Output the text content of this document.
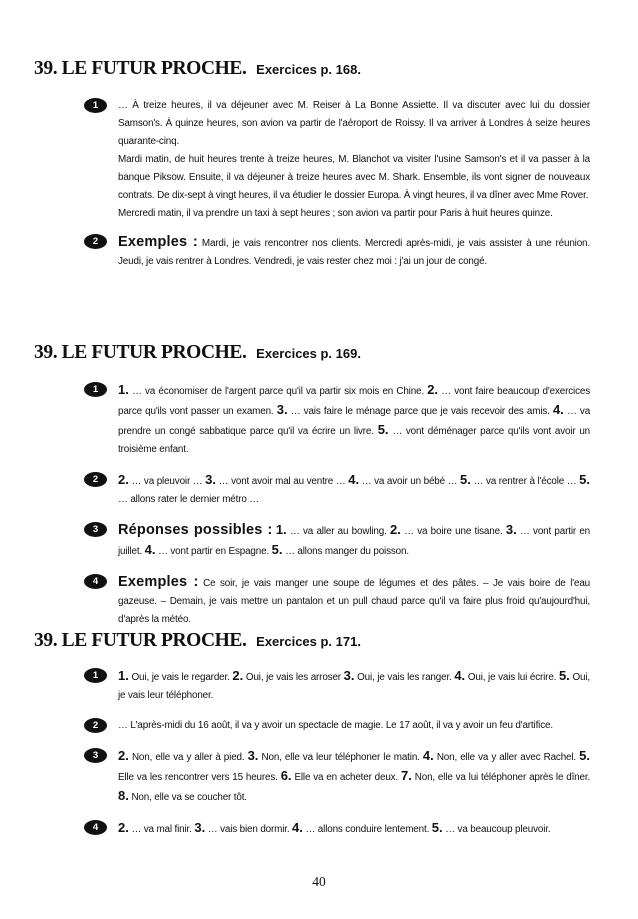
39. LE FUTUR PROCHE. Exercices p. 168.
1	… À treize heures, il va déjeuner avec M. Reiser à La Bonne Assiette. Il va discuter avec lui du dossier Samson's. À quinze heures, son avion va partir de l'aéroport de Roissy. Il va arriver à Londres à seize heures quarante-cinq.

Mardi matin, de huit heures trente à treize heures, M. Blanchot va visiter l'usine Samson's et il va passer à la banque Piksow. Ensuite, il va déjeuner à treize heures avec M. Shark. Ensemble, ils vont signer de nouveaux contrats. De dix-sept à vingt heures, il va étudier le dossier Europa. À vingt heures, il va dîner avec Mme Rover.

Mercredi matin, il va prendre un taxi à sept heures ; son avion va partir pour Paris à huit heures quinze.

2	Exemples : Mardi, je vais rencontrer nos clients. Mercredi après-midi, je vais assister à une réunion. Jeudi, je vais rentrer à Londres. Vendredi, je vais rester chez moi : j'ai un jour de congé.

39. LE FUTUR PROCHE. Exercices p. 169.
1	1. … va économiser de l'argent parce qu'il va partir six mois en Chine. 2. … vont faire beaucoup d'exercices parce qu'ils vont passer un examen. 3. … vais faire le ménage parce que je vais recevoir des amis. 4. … va prendre un congé sabbatique parce qu'il va écrire un livre. 5. … vont déménager parce qu'ils vont avoir un troisième enfant.

2	2. … va pleuvoir … 3. … vont avoir mal au ventre … 4. … va avoir un bébé … 5. … va rentrer à l'école … 5. … allons rater le dernier métro …

3	Réponses possibles : 1. … va aller au bowling. 2. … va boire une tisane. 3. … vont partir en juillet. 4. … vont partir en Espagne. 5. … allons manger du poisson.

4	Exemples : Ce soir, je vais manger une soupe de légumes et des pâtes. – Je vais boire de l'eau gazeuse. – Demain, je vais mettre un pantalon et un pull chaud parce qu'il va faire plus froid qu'aujourd'hui, d'après la météo.

39. LE FUTUR PROCHE. Exercices p. 171.
1	1. Oui, je vais le regarder. 2. Oui, je vais les arroser 3. Oui, je vais les ranger. 4. Oui, je vais lui écrire. 5. Oui, je vais leur téléphoner.

2	… L'après-midi du 16 août, il va y avoir un spectacle de magie. Le 17 août, il va y avoir un feu d'artifice.

3	2. Non, elle va y aller à pied. 3. Non, elle va leur téléphoner le matin. 4. Non, elle va y aller avec Rachel. 5. Elle va les rencontrer vers 15 heures. 6. Elle va en acheter deux. 7. Non, elle va lui téléphoner après le dîner. 8. Non, elle va se coucher tôt.

4	2. … va mal finir. 3. … vais bien dormir. 4. … allons conduire lentement. 5. … va beaucoup pleuvoir.

40
